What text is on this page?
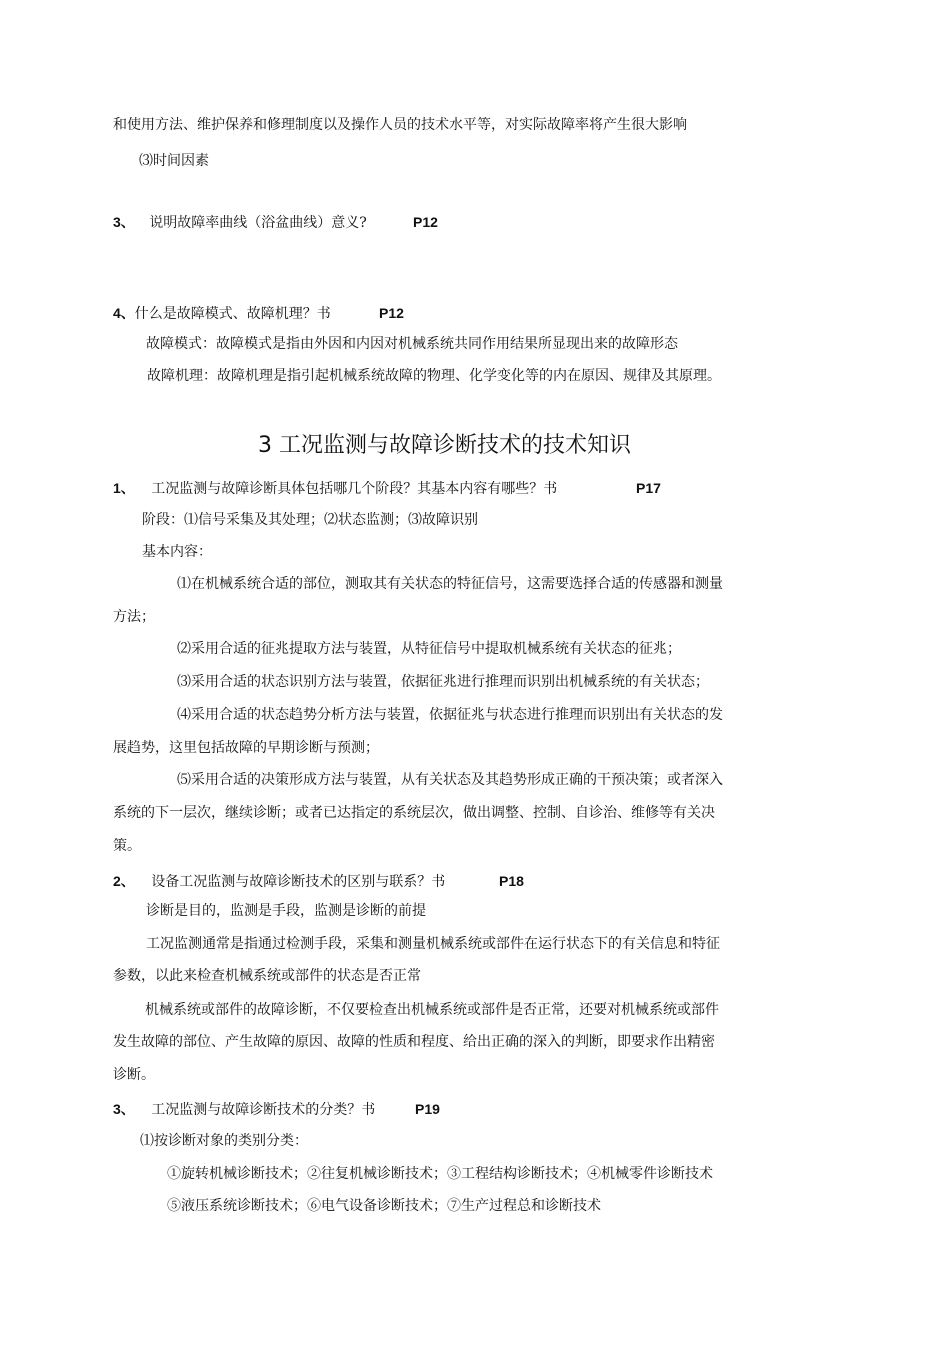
和使用方法、维护保养和修理制度以及操作人员的技术水平等，对实际故障率将产生很大影响
⑶时间因素
3、 说明故障率曲线（浴盆曲线）意义?	P12
4、什么是故障模式、故障机理？书	P12
故障模式：故障模式是指由外因和内因对机械系统共同作用结果所显现出来的故障形态
故障机理：故障机理是指引起机械系统故障的物理、化学变化等的内在原因、规律及其原理。
3 工况监测与故障诊断技术的技术知识
1、 工况监测与故障诊断具体包括哪几个阶段？其基本内容有哪些？书	P17
阶段：⑴信号采集及其处理；⑵状态监测；⑶故障识别
基本内容：
⑴在机械系统合适的部位，测取其有关状态的特征信号，这需要选择合适的传感器和测量
方法；
⑵采用合适的征兆提取方法与装置，从特征信号中提取机械系统有关状态的征兆；
⑶采用合适的状态识别方法与装置，依据征兆进行推理而识别出机械系统的有关状态；
⑷采用合适的状态趋势分析方法与装置，依据征兆与状态进行推理而识别出有关状态的发
展趋势，这里包括故障的早期诊断与预测；
⑸采用合适的决策形成方法与装置，从有关状态及其趋势形成正确的干预决策；或者深入
系统的下一层次，继续诊断；或者已达指定的系统层次，做出调整、控制、自诊治、维修等有关决
策。
2、 设备工况监测与故障诊断技术的区别与联系？书	P18
诊断是目的，监测是手段，监测是诊断的前提
工况监测通常是指通过检测手段，采集和测量机械系统或部件在运行状态下的有关信息和特征
参数，以此来检查机械系统或部件的状态是否正常
机械系统或部件的故障诊断，不仅要检查出机械系统或部件是否正常，还要对机械系统或部件
发生故障的部位、产生故障的原因、故障的性质和程度、给出正确的深入的判断，即要求作出精密
诊断。
3、 工况监测与故障诊断技术的分类？书	P19
⑴按诊断对象的类别分类：
①旋转机械诊断技术；②往复机械诊断技术；③工程结构诊断技术；④机械零件诊断技术
⑤液压系统诊断技术；⑥电气设备诊断技术；⑦生产过程总和诊断技术
